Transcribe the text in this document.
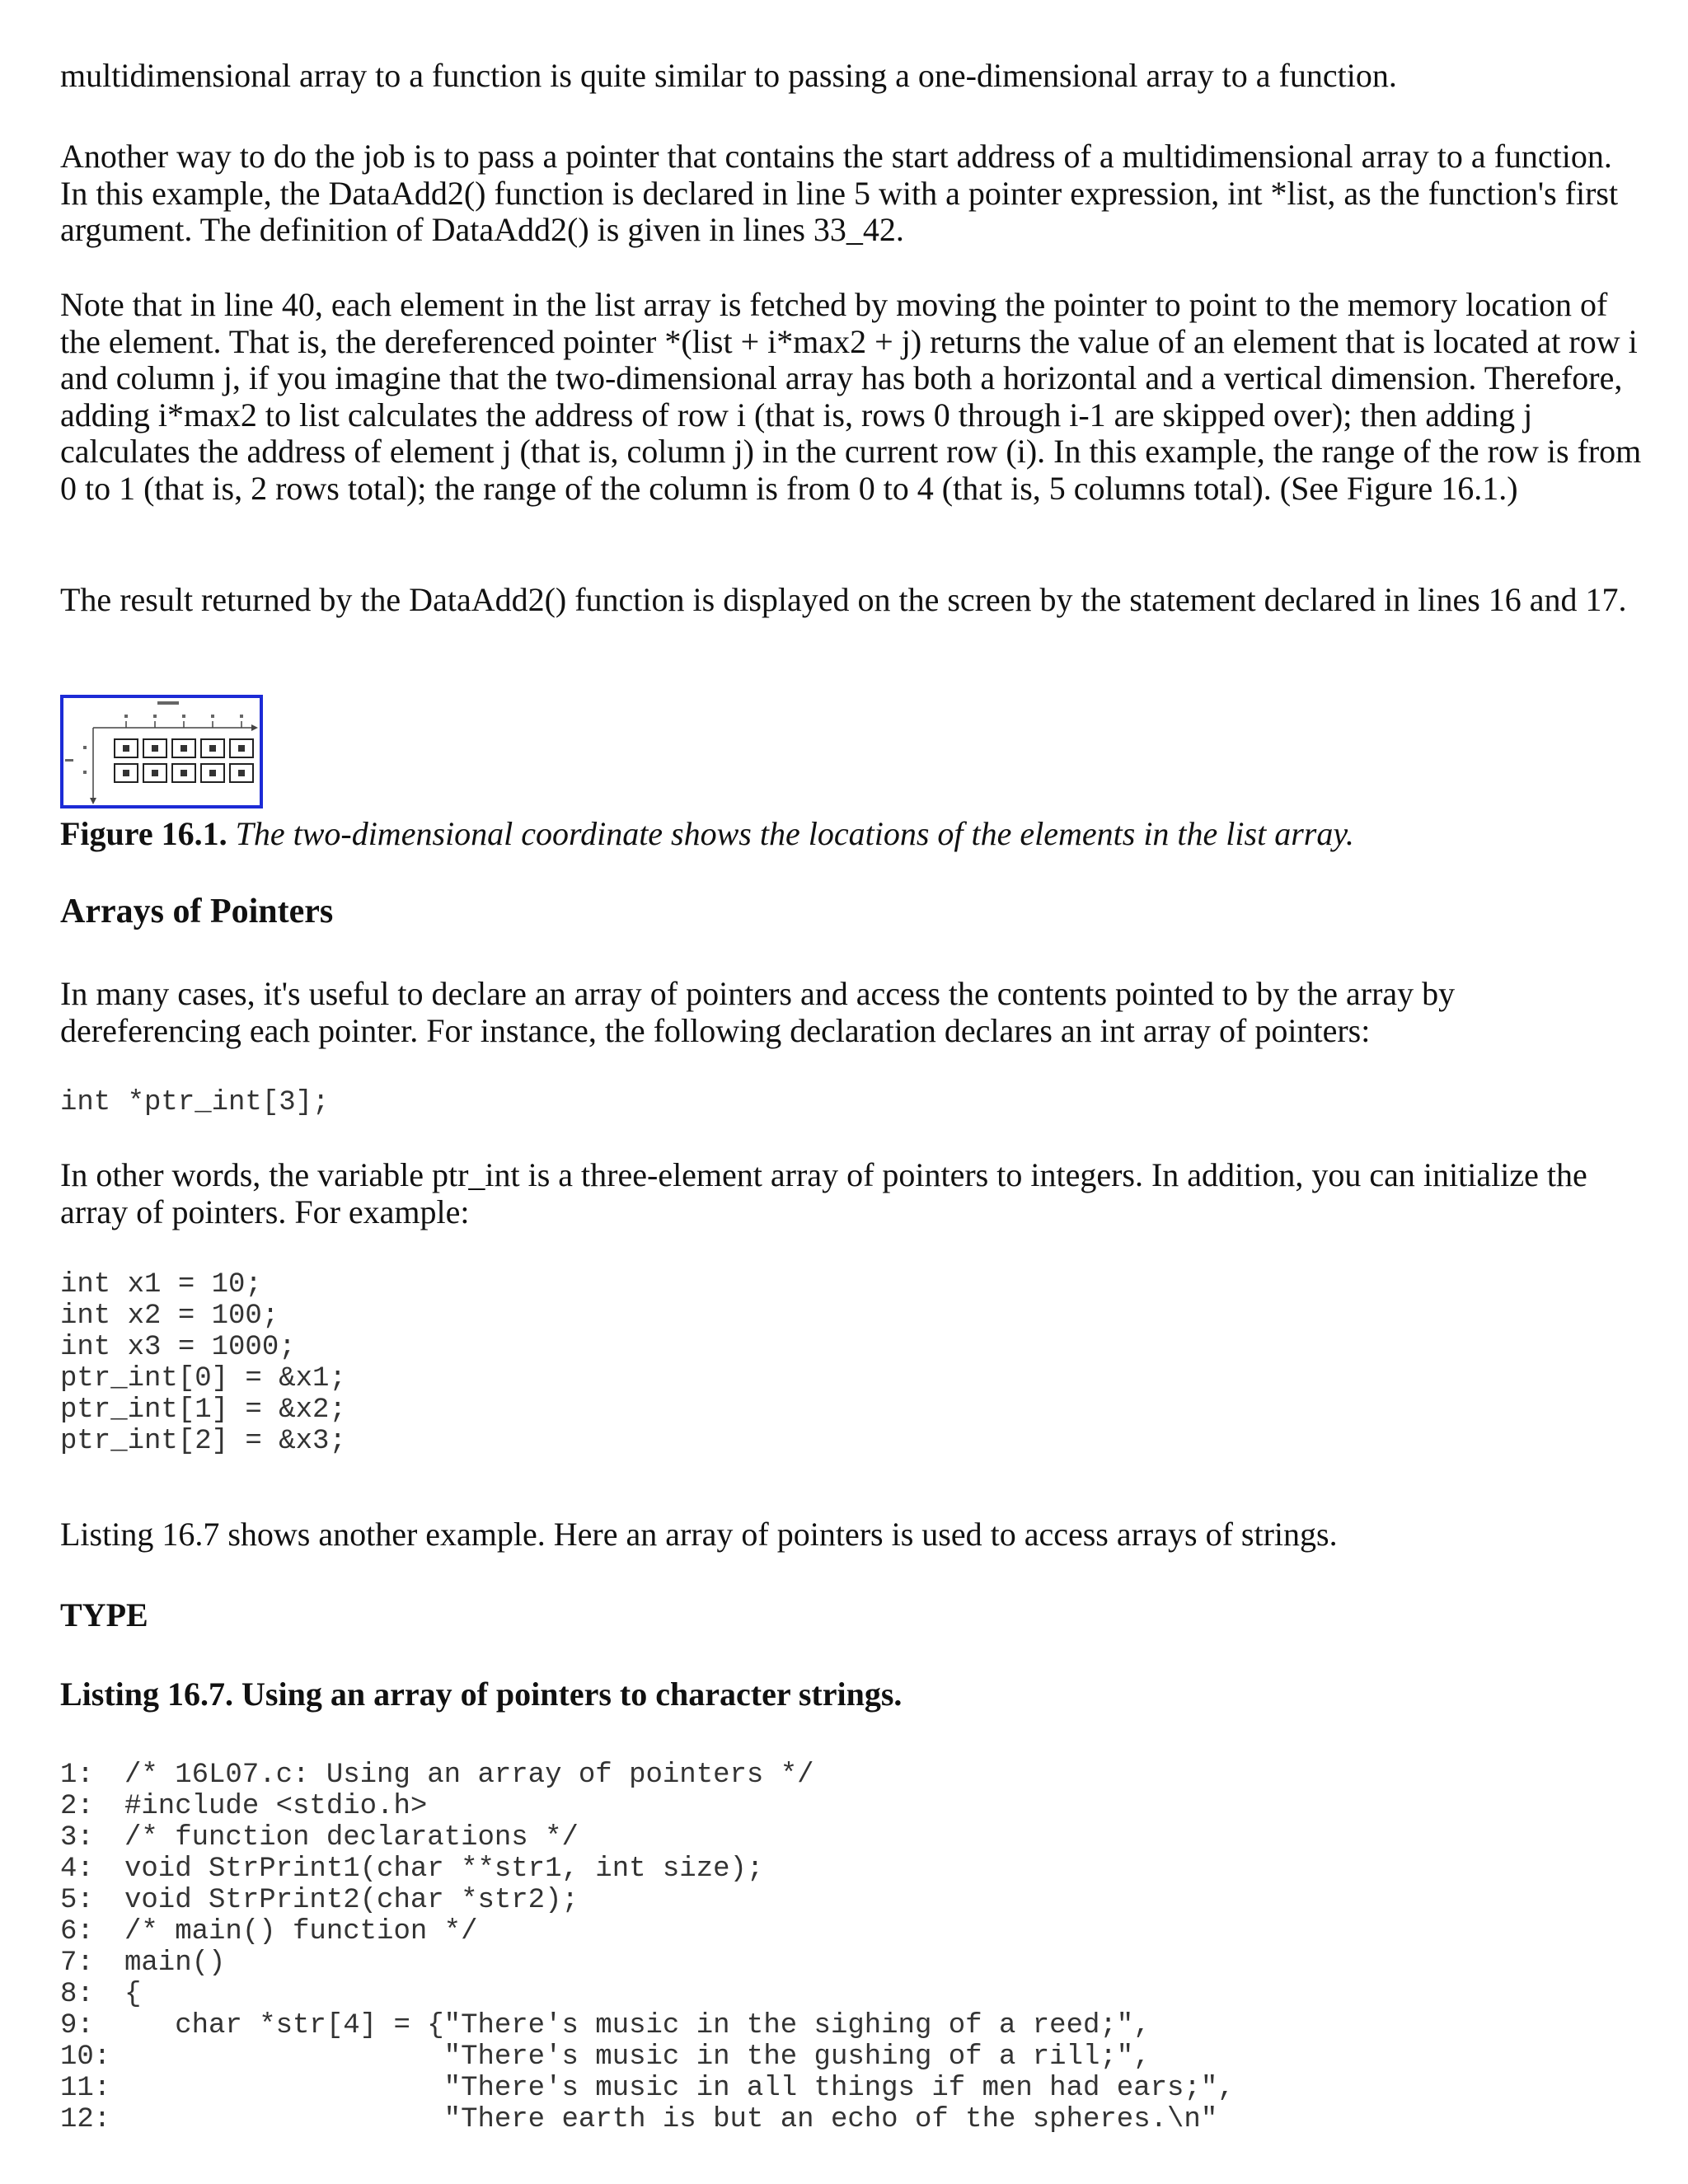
multidimensional array to a function is quite similar to passing a one-dimensional array to a function.

Another way to do the job is to pass a pointer that contains the start address of a multidimensional array to a function. In this example, the DataAdd2() function is declared in line 5 with a pointer expression, int *list, as the function's first argument. The definition of DataAdd2() is given in lines 33_42.

Note that in line 40, each element in the list array is fetched by moving the pointer to point to the memory location of the element. That is, the dereferenced pointer *(list + i*max2 + j) returns the value of an element that is located at row i and column j, if you imagine that the two-dimensional array has both a horizontal and a vertical dimension. Therefore, adding i*max2 to list calculates the address of row i (that is, rows 0 through i-1 are skipped over); then adding j calculates the address of element j (that is, column j) in the current row (i). In this example, the range of the row is from 0 to 1 (that is, 2 rows total); the range of the column is from 0 to 4 (that is, 5 columns total). (See Figure 16.1.)

The result returned by the DataAdd2() function is displayed on the screen by the statement declared in lines 16 and 17.

Figure 16.1. The two-dimensional coordinate shows the locations of the elements in the list array.
Arrays of Pointers

In many cases, it's useful to declare an array of pointers and access the contents pointed to by the array by dereferencing each pointer. For instance, the following declaration declares an int array of pointers:

int *ptr_int[3];

In other words, the variable ptr_int is a three-element array of pointers to integers. In addition, you can initialize the array of pointers. For example:

int x1 = 10;
int x2 = 100;
int x3 = 1000;
ptr_int[0] = &x1;
ptr_int[1] = &x2;
ptr_int[2] = &x3;

Listing 16.7 shows another example. Here an array of pointers is used to access arrays of strings.

TYPE
Listing 16.7. Using an array of pointers to character strings.
1:	/* 16L07.c: Using an array of pointers */
2:	#include <stdio.h>
3:	/* function declarations */
4:	void StrPrint1(char **str1, int size);
5:	void StrPrint2(char *str2);
6:	/* main() function */
7:	main()
8:	{
9:	char *str[4] = {"There's music in the sighing of a reed;",
10: "There's music in the gushing of a rill;",
11: "There's music in all things if men had ears;",
12: "There earth is but an echo of the spheres.\n"
